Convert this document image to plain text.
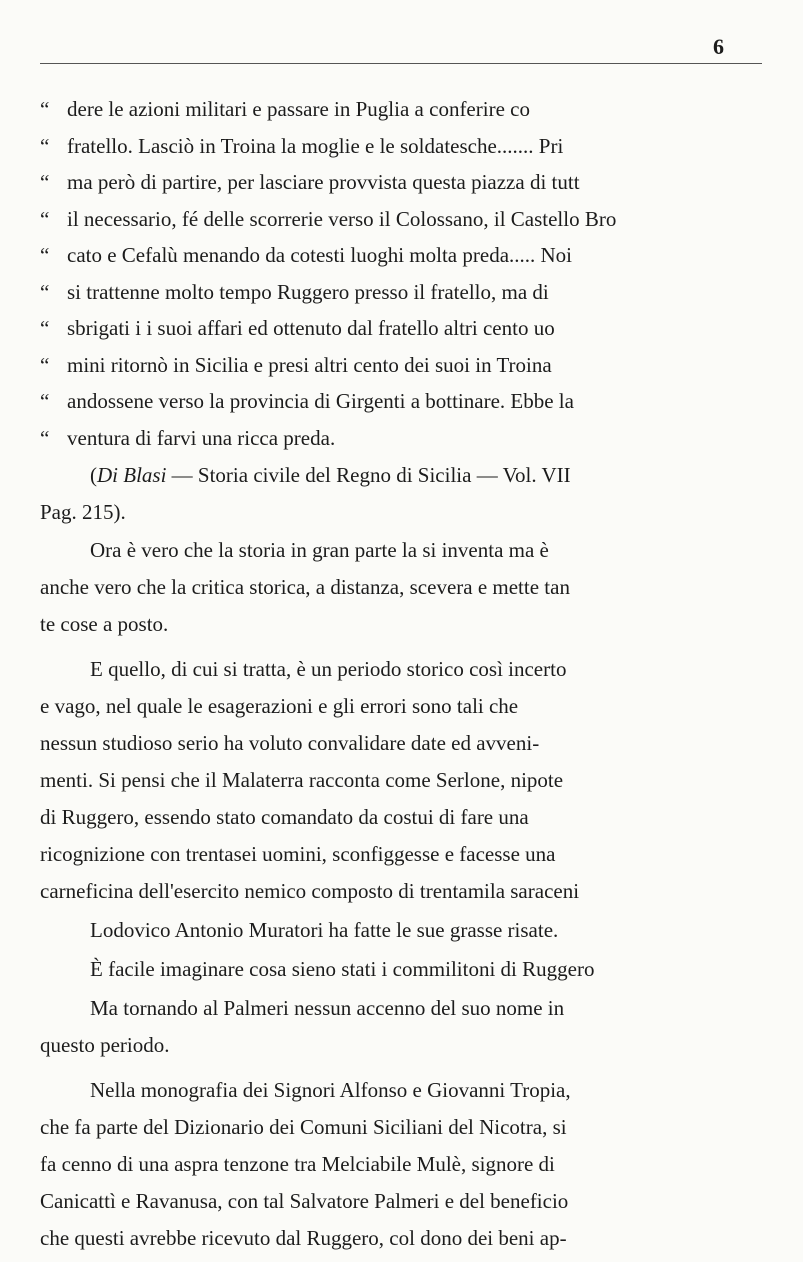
6
“ dere le azioni militari e passare in Puglia a conferire co
“ fratello. Lasciò in Troina la moglie e le soldatesche....... Pri
“ ma però di partire, per lasciare provvista questa piazza di tutt
“ il necessario, fé delle scorrerie verso il Colossano, il Castello Bro
“ cato e Cefalù menando da cotesti luoghi molta preda..... Noi
“ si trattenne molto tempo Ruggero presso il fratello, ma di
“ sbrigati i i suoi affari ed ottenuto dal fratello altri cento uo
“ mini ritornò in Sicilia e presi altri cento dei suoi in Troina
“ andossene verso la provincia di Girgenti a bottinare. Ebbe la
“ ventura di farvi una ricca preda.
(Di Blasi — Storia civile del Regno di Sicilia — Vol. VII
Pag. 215).
Ora è vero che la storia in gran parte la si inventa ma è
anche vero che la critica storica, a distanza, scevera e mette tan
te cose a posto.
E quello, di cui si tratta, è un periodo storico così incerto
e vago, nel quale le esagerazioni e gli errori sono tali che
nessun studioso serio ha voluto convalidare date ed avveni-
menti. Si pensi che il Malaterra racconta come Serlone, nipote
di Ruggero, essendo stato comandato da costui di fare una
ricognizione con trentasei uomini, sconfiggesse e facesse una
carneficina dell'esercito nemico composto di trentamila saraceni
Lodovico Antonio Muratori ha fatte le sue grasse risate.
È facile imaginare cosa sieno stati i commilitoni di Ruggero
Ma tornando al Palmeri nessun accenno del suo nome in
questo periodo.
Nella monografia dei Signori Alfonso e Giovanni Tropia,
che fa parte del Dizionario dei Comuni Siciliani del Nicotra, si
fa cenno di una aspra tenzone tra Melciabile Mulè, signore di
Canicattì e Ravanusa, con tal Salvatore Palmeri e del beneficio
che questi avrebbe ricevuto dal Ruggero, col dono dei beni ap-
